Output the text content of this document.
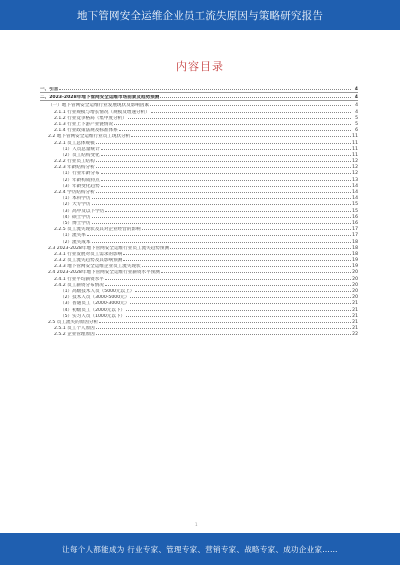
地下管网安全运维企业员工流失原因与策略研究报告
内容目录
一、引言	4
二、2023-2028年地下管网安全运维市场前景及趋势预测	4
（一）地下管网安全运维行业发展现状及影响因素	4
2.1.1 行业规模与增长情况（规模及增速分析）	4
2.1.2 行业竞争格局（集中度分析）	5
2.1.3 行业上下游产业链情况	5
2.1.4 行业政策法规及标准体系	6
2.2 地下管网安全运维行业员工现状分析	11
2.2.1 员工总体规模	11
（1）人员总量统计	11
（2）员工结构变化	11
2.2.2 行业员工结构	12
2.2.3 年龄结构分析	12
（1）行业年龄分布	12
（2）年龄构成特点	13
（3）年龄变化趋势	14
2.2.4 学历结构分析	14
（1）本科学历	14
（2）大专学历	15
（3）高中及以下学历	15
（4）硕士学历	16
（5）博士学历	16
2.2.5 员工流失现状及其对企业经营的影响	17
（1）流失率	17
（2）流失成本	18
2.3 2023-2028年地下管网安全运维行业员工流失趋势预测	18
2.3.1 行业发展对员工需求的影响	18
2.3.2 员工流失趋势及其影响预测	19
2.3.3 地下管网安全运维企业员工流失现状	19
2.4 2023-2028年地下管网安全运维行业薪资水平预测	20
2.4.1 行业平均薪资水平	20
2.4.2 员工薪资分布情况	20
（1）高级技术人员（5000元以上）	20
（2）技术人员（3000-5000元）	20
（3）普通员工（2000-3000元）	21
（4）初级员工（2000元以下）	21
（5）实习人员（1000元以下）	21
2.5 员工流失的原因分析	21
2.5.1 员工个人原因	21
2.5.2 企业管理原因	22
1
让每个人都能成为 行业专家、管理专家、营销专家、战略专家、成功企业家……
